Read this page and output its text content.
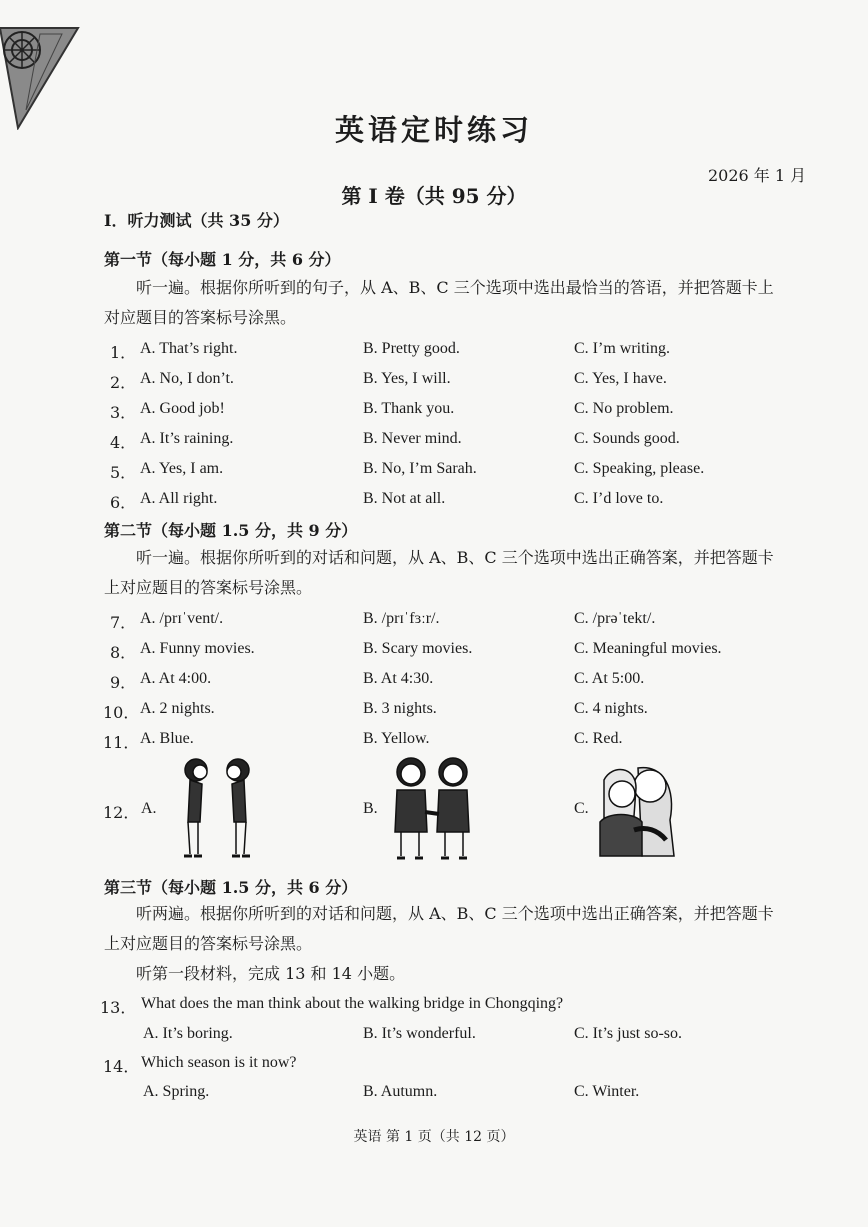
英语定时练习
2026 年 1 月
第 I 卷（共 95 分）
Ⅰ．听力测试（共 35 分）
第一节（每小题 1 分，共 6 分）
听一遍。根据你所听到的句子，从 A、B、C 三个选项中选出最恰当的答语，并把答题卡上
对应题目的答案标号涂黑。
第二节（每小题 1.5 分，共 9 分）
听一遍。根据你所听到的对话和问题，从 A、B、C 三个选项中选出正确答案，并把答题卡
上对应题目的答案标号涂黑。
1． A. That’s right.	B. Pretty good.	C. I’m writing.
2． A. No, I don’t.	B. Yes, I will.	C. Yes, I have.
3． A. Good job!	B. Thank you.	C. No problem.
4． A. It’s raining.	B. Never mind.	C. Sounds good.
5． A. Yes, I am.	B. No, I’m Sarah.	C. Speaking, please.
6． A. All right.	B. Not at all.	C. I’d love to.
7． A. /prɪˈvent/.	B. /prɪˈfɜːr/.	C. /prəˈtekt/.
8． A. Funny movies.	B. Scary movies.	C. Meaningful movies.
9． A. At 4:00.	B. At 4:30.	C. At 5:00.
10． A. 2 nights.	B. 3 nights.	C. 4 nights.
11． A. Blue.	B. Yellow.	C. Red.
12． A.	B.	C.
第三节（每小题 1.5 分，共 6 分）
听两遍。根据你所听到的对话和问题，从 A、B、C 三个选项中选出正确答案，并把答题卡
上对应题目的答案标号涂黑。
听第一段材料，完成 13 和 14 小题。
13． What does the man think about the walking bridge in Chongqing?
A. It’s boring.	B. It’s wonderful.	C. It’s just so-so.
14． Which season is it now?
A. Spring.	B. Autumn.	C. Winter.
英语 第 1 页（共 12 页）
